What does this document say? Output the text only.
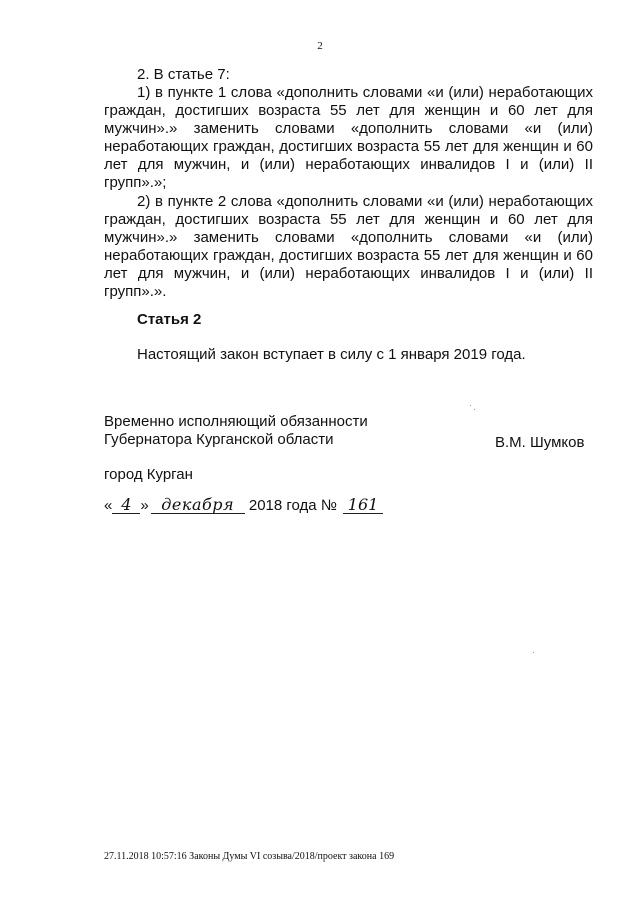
2
2. В статье 7:
1) в пункте 1 слова «дополнить словами «и (или) неработающих граждан, достигших возраста 55 лет для женщин и 60 лет для мужчин».» заменить словами «дополнить словами «и (или) неработающих граждан, достигших возраста 55 лет для женщин и 60 лет для мужчин, и (или) неработающих инвалидов I и (или) II групп».»;
2) в пункте 2 слова «дополнить словами «и (или) неработающих граждан, достигших возраста 55 лет для женщин и 60 лет для мужчин».» заменить словами «дополнить словами «и (или) неработающих граждан, достигших возраста 55 лет для женщин и 60 лет для мужчин, и (или) неработающих инвалидов I и (или) II групп».».
Статья 2
Настоящий закон вступает в силу с 1 января 2019 года.
Временно исполняющий обязанности
Губернатора Курганской области	В.М. Шумков
город Курган
« 4 » декабря 2018 года № 161
27.11.2018 10:57:16 Законы Думы VI созыва/2018/проект закона 169
